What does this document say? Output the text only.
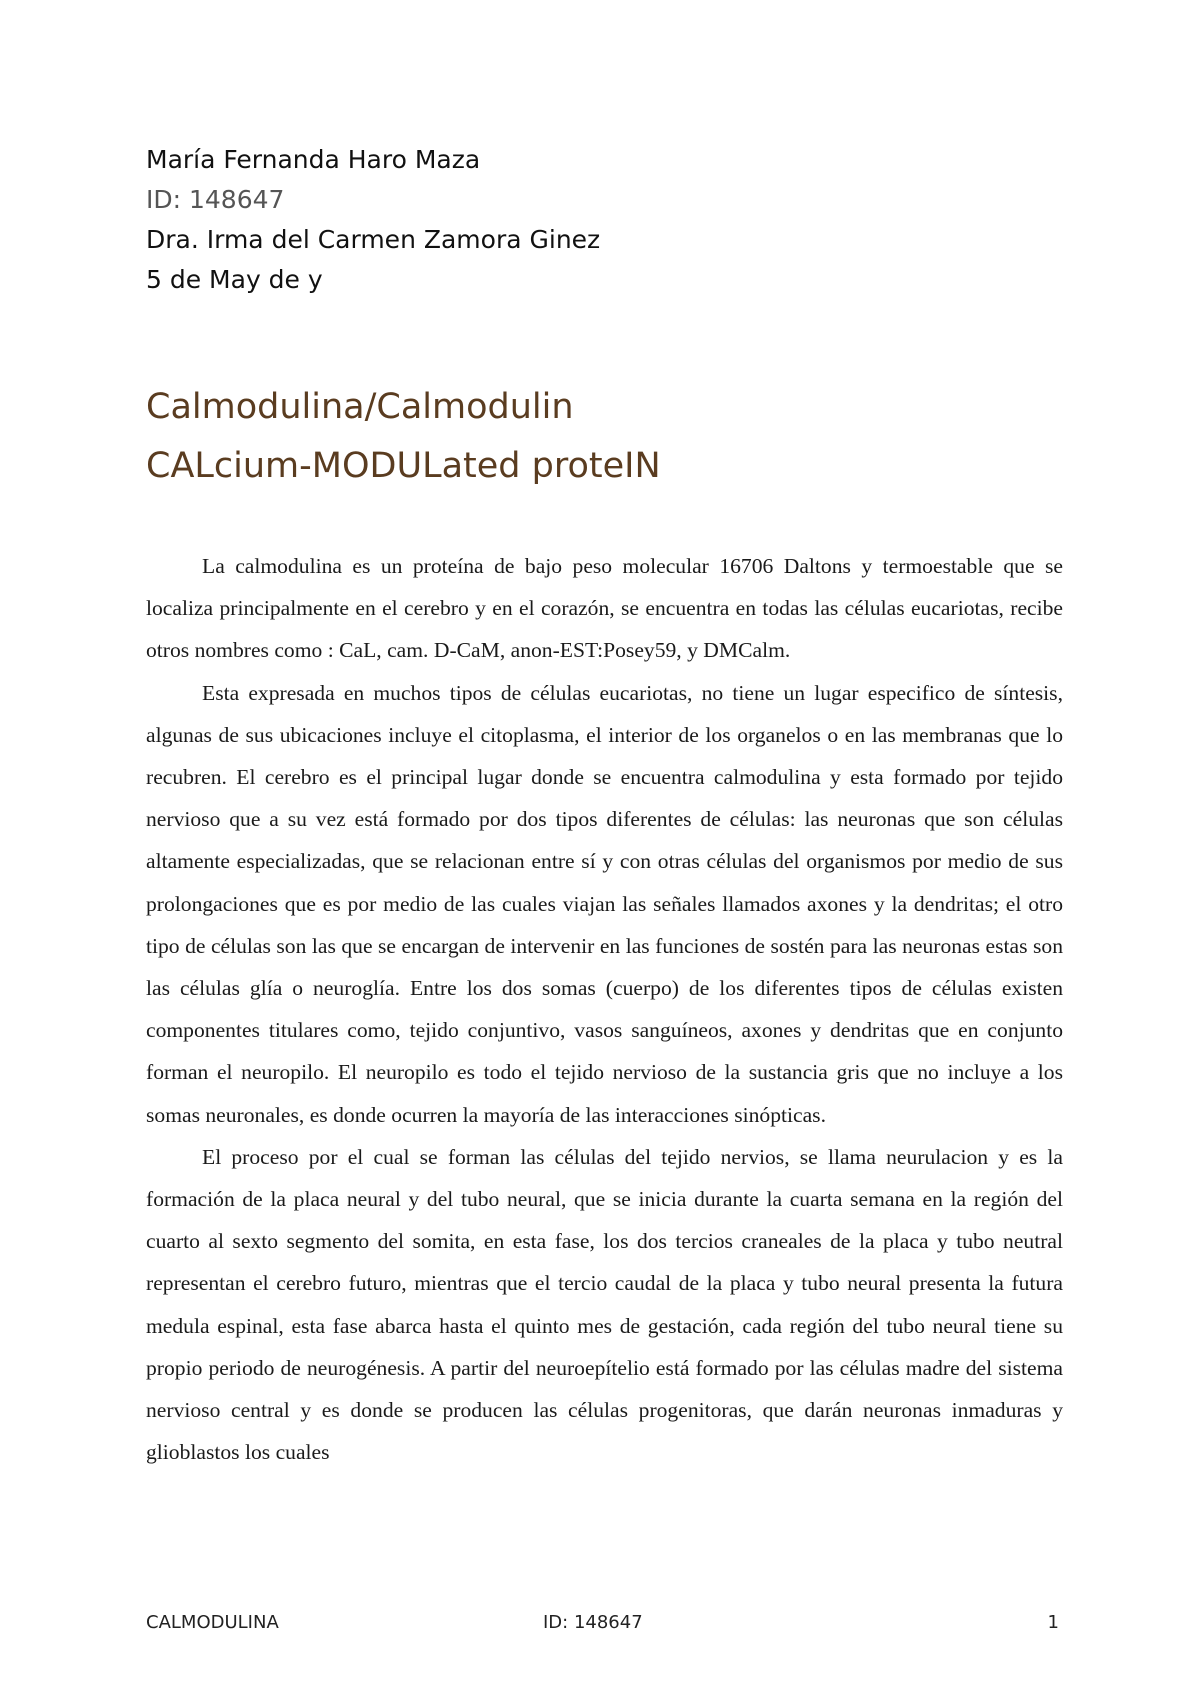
María Fernanda Haro Maza
ID: 148647
Dra. Irma del Carmen Zamora Ginez
5 de May de y
Calmodulina/Calmodulin
CALcium-MODULated proteIN

La calmodulina es un proteína de bajo peso molecular 16706 Daltons y termoestable que se localiza principalmente en el cerebro y en el corazón, se encuentra en todas las células eucariotas, recibe otros nombres como : CaL, cam. D-CaM, anon-EST:Posey59, y DMCalm.

Esta expresada en muchos tipos de células eucariotas, no tiene un lugar especifico de síntesis, algunas de sus ubicaciones incluye el citoplasma, el interior de los organelos o en las membranas que lo recubren. El cerebro es el principal lugar donde se encuentra calmodulina y esta formado por tejido nervioso que a su vez está formado por dos tipos diferentes de células: las neuronas que son células altamente especializadas, que se relacionan entre sí y con otras células del organismos por medio de sus prolongaciones que es por medio de las cuales viajan las señales llamados axones y la dendritas; el otro tipo de células son las que se encargan de intervenir en las funciones de sostén para las neuronas estas son las células glía o neuroglía. Entre los dos somas (cuerpo) de los diferentes tipos de células existen componentes titulares como, tejido conjuntivo, vasos sanguíneos, axones y dendritas que en conjunto forman el neuropilo. El neuropilo es todo el tejido nervioso de la sustancia gris que no incluye a los somas neuronales, es donde ocurren la mayoría de las interacciones sinópticas.

El proceso por el cual se forman las células del tejido nervios, se llama neurulacion y es la formación de la placa neural y del tubo neural, que se inicia durante la cuarta semana en la región del cuarto al sexto segmento del somita, en esta fase, los dos tercios craneales de la placa y tubo neutral representan el cerebro futuro, mientras que el tercio caudal de la placa y tubo neural presenta la futura medula espinal, esta fase abarca hasta el quinto mes de gestación, cada región del tubo neural tiene su propio periodo de neurogénesis. A partir del neuroepítelio está formado por las células madre del sistema nervioso central y es donde se producen las células progenitoras, que darán neuronas inmaduras y glioblastos los cuales

CALMODULINA	ID: 148647	1
